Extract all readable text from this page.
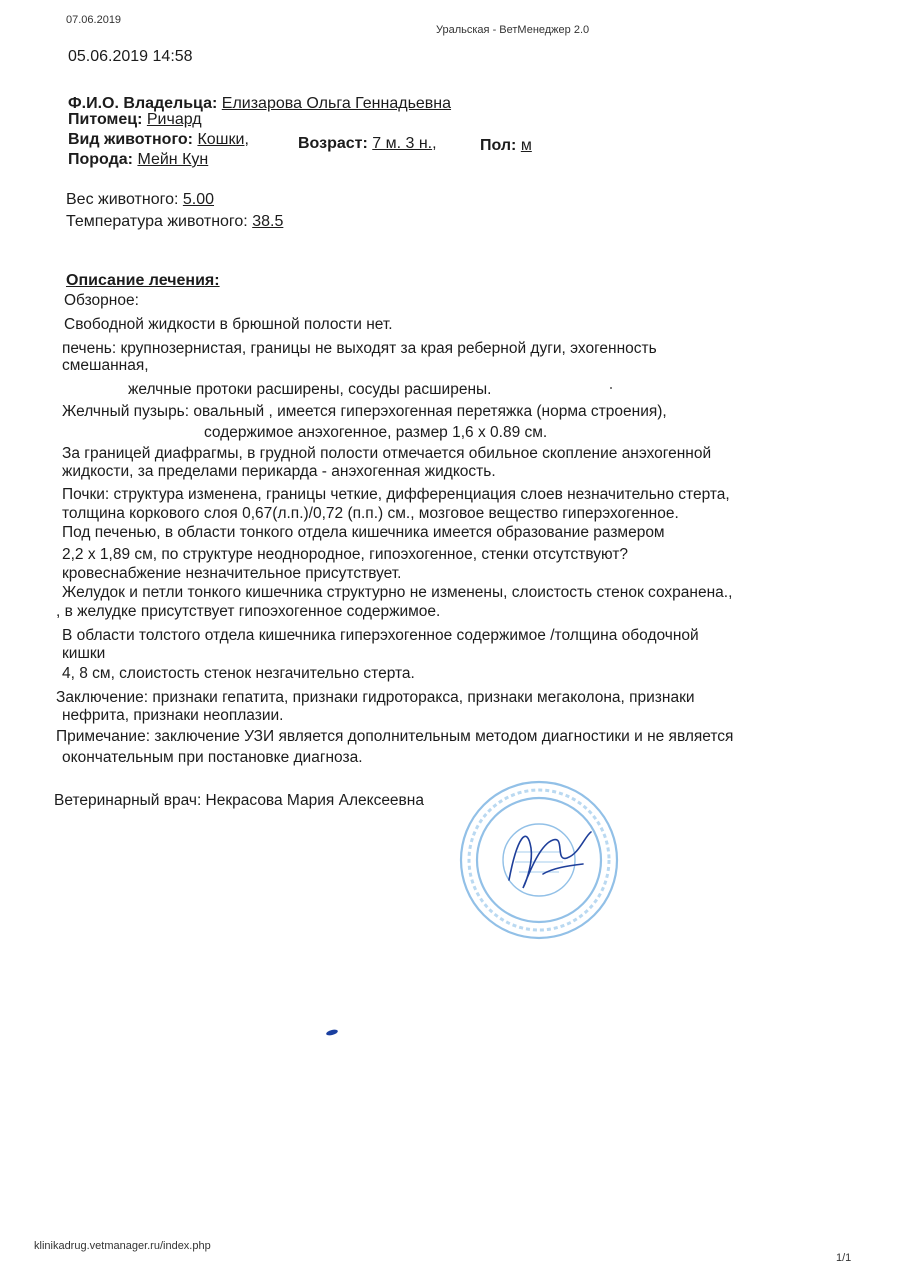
07.06.2019
Уральская - ВетМенеджер 2.0
05.06.2019 14:58
Ф.И.О. Владельца: Елизарова Ольга Геннадьевна
Питомец: Ричард
Вид животного: Кошки,	Возраст: 7 м. 3 н.,	Пол: м
Порода: Мейн Кун
Вес животного: 5.00
Температура животного: 38.5
Описание лечения:
Обзорное:
Свободной жидкости в брюшной полости нет.
печень: крупнозернистая, границы не выходят за края реберной дуги, эхогенность
смешанная,
желчные протоки расширены, сосуды расширены.
Желчный пузырь: овальный , имеется гиперэхогенная перетяжка (норма строения),
содержимое анэхогенное, размер 1,6 х 0.89 см.
За границей диафрагмы, в грудной полости отмечается обильное скопление анэхогенной
жидкости, за пределами перикарда - анэхогенная жидкость.
Почки: структура изменена, границы четкие, дифференциация слоев незначительно стерта,
толщина коркового слоя 0,67(л.п.)/0,72 (п.п.) см., мозговое вещество гиперэхогенное.
Под печенью, в области тонкого отдела кишечника имеется образование размером
2,2 х 1,89 см, по структуре неоднородное, гипоэхогенное, стенки отсутствуют?
кровеснабжение незначительное присутствует.
Желудок и петли тонкого кишечника структурно не изменены, слоистость стенок сохранена.,
, в желудке присутствует гипоэхогенное содержимое.
В области толстого отдела кишечника гиперэхогенное содержимое /толщина ободочной
кишки
4, 8 см, слоистость стенок незгачительно стерта.
Заключение: признаки гепатита, признаки гидроторакса, признаки мегаколона, признаки
нефрита, признаки неоплазии.
Примечание: заключение УЗИ является дополнительным методом диагностики и не является
окончательным при постановке диагноза.
Ветеринарный врач: Некрасова Мария Алексеевна
klinikadrug.vetmanager.ru/index.php
1/1
